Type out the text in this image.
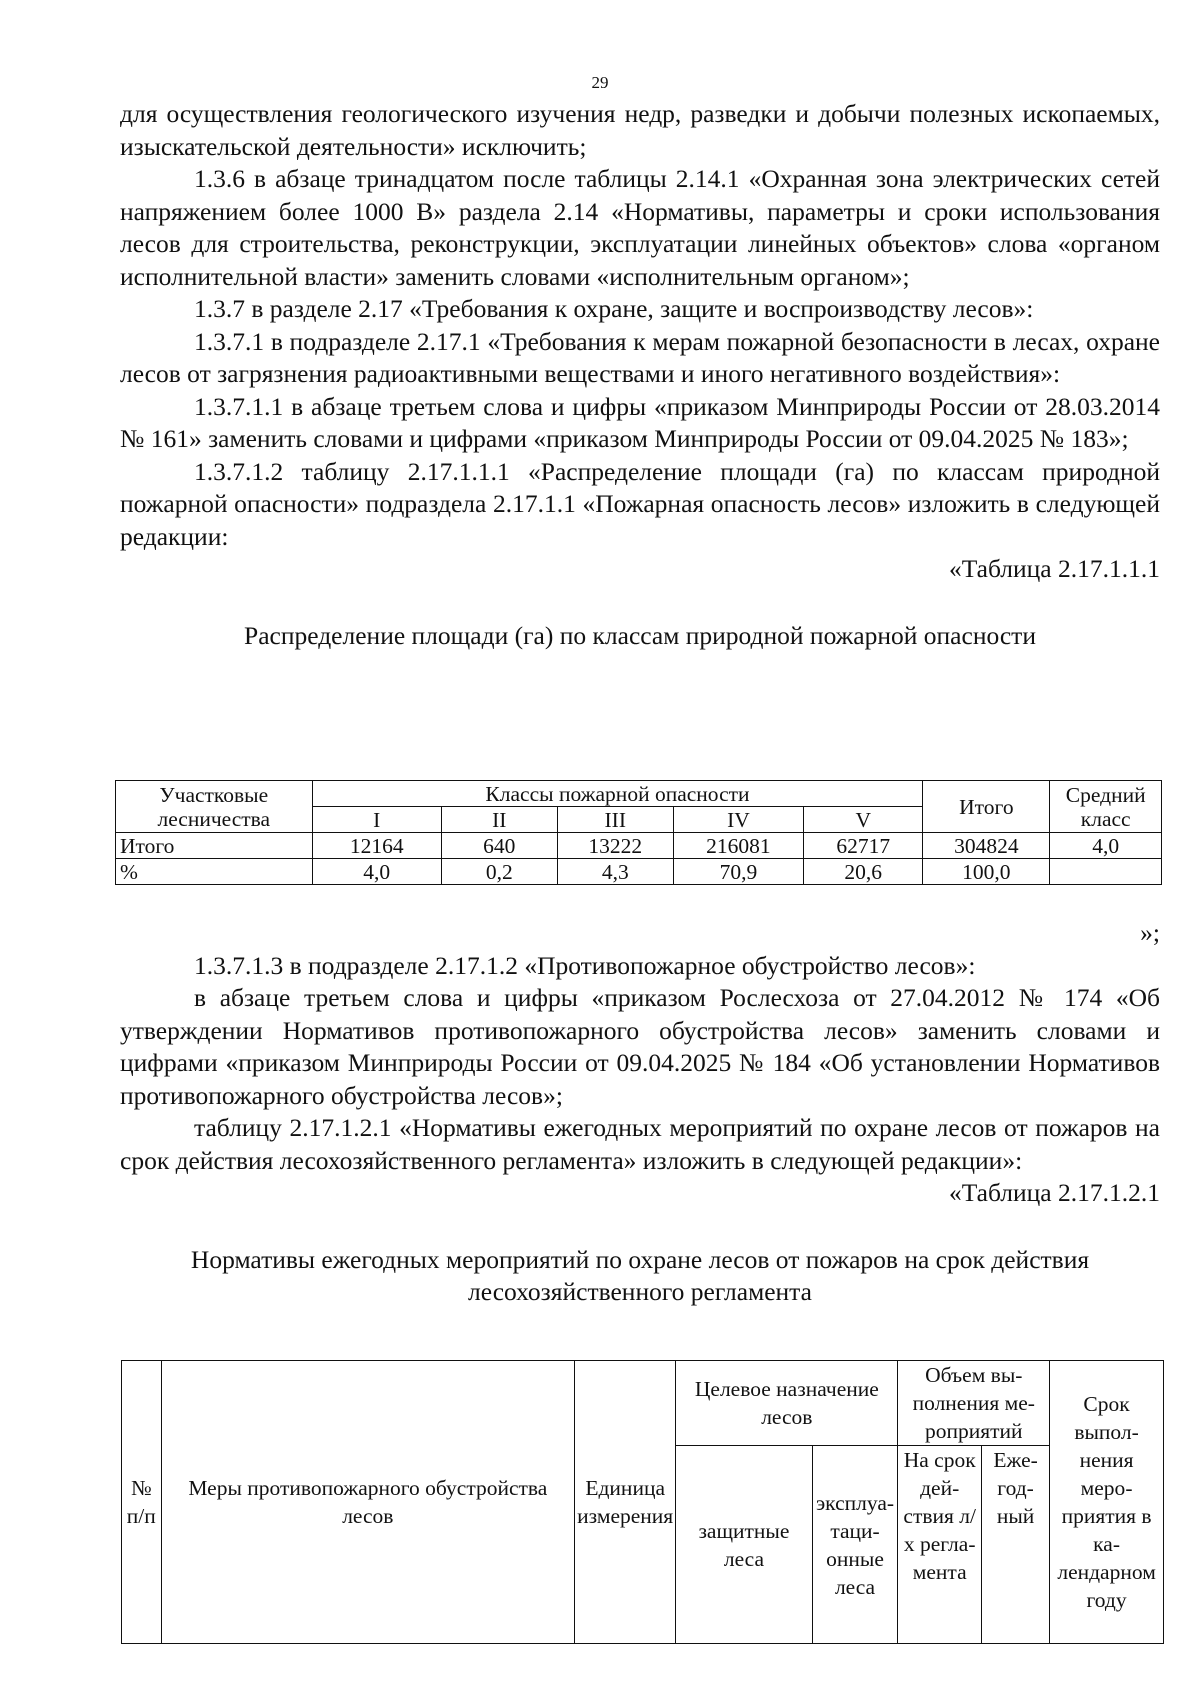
29

для осуществления геологического изучения недр, разведки и добычи полезных ископаемых, изыскательской деятельности» исключить;

1.3.6 в абзаце тринадцатом после таблицы 2.14.1 «Охранная зона электрических сетей напряжением более 1000 В» раздела 2.14 «Нормативы, параметры и сроки использования лесов для строительства, реконструкции, эксплуатации линейных объектов» слова «органом исполнительной власти» заменить словами «исполнительным органом»;

1.3.7 в разделе 2.17 «Требования к охране, защите и воспроизводству лесов»:

1.3.7.1 в подразделе 2.17.1 «Требования к мерам пожарной безопасности в лесах, охране лесов от загрязнения радиоактивными веществами и иного негативного воздействия»:

1.3.7.1.1 в абзаце третьем слова и цифры «приказом Минприроды России от 28.03.2014 № 161» заменить словами и цифрами «приказом Минприроды России от 09.04.2025 № 183»;

1.3.7.1.2 таблицу 2.17.1.1.1 «Распределение площади (га) по классам природной пожарной опасности» подраздела 2.17.1.1 «Пожарная опасность лесов» изложить в следующей редакции:

«Таблица 2.17.1.1.1

Распределение площади (га) по классам природной пожарной опасности

Участковые лесничества	Классы пожарной опасности					Итого	Средний класс
	I	II	III	IV	V		
Итого	12164	640	13222	216081	62717	304824	4,0
%	4,0	0,2	4,3	70,9	20,6	100,0	

»;

1.3.7.1.3 в подразделе 2.17.1.2 «Противопожарное обустройство лесов»:

в абзаце третьем слова и цифры «приказом Рослесхоза от 27.04.2012 № 174 «Об утверждении Нормативов противопожарного обустройства лесов» заменить словами и цифрами «приказом Минприроды России от 09.04.2025 № 184 «Об установлении Нормативов противопожарного обустройства лесов»;

таблицу 2.17.1.2.1 «Нормативы ежегодных мероприятий по охране лесов от пожаров на срок действия лесохозяйственного регламента» изложить в следующей редакции»:

«Таблица 2.17.1.2.1

Нормативы ежегодных мероприятий по охране лесов от пожаров на срок действия лесохозяйственного регламента

№ п/п	Меры противопожарного обустройства лесов	Единица измерения	Целевое назначение лесов		Объем выполнения мероприятий		Срок выполнения мероприятия в календарном году
			защитные леса	эксплуатационные леса	На срок действия л/х регламента	Ежегодный	
